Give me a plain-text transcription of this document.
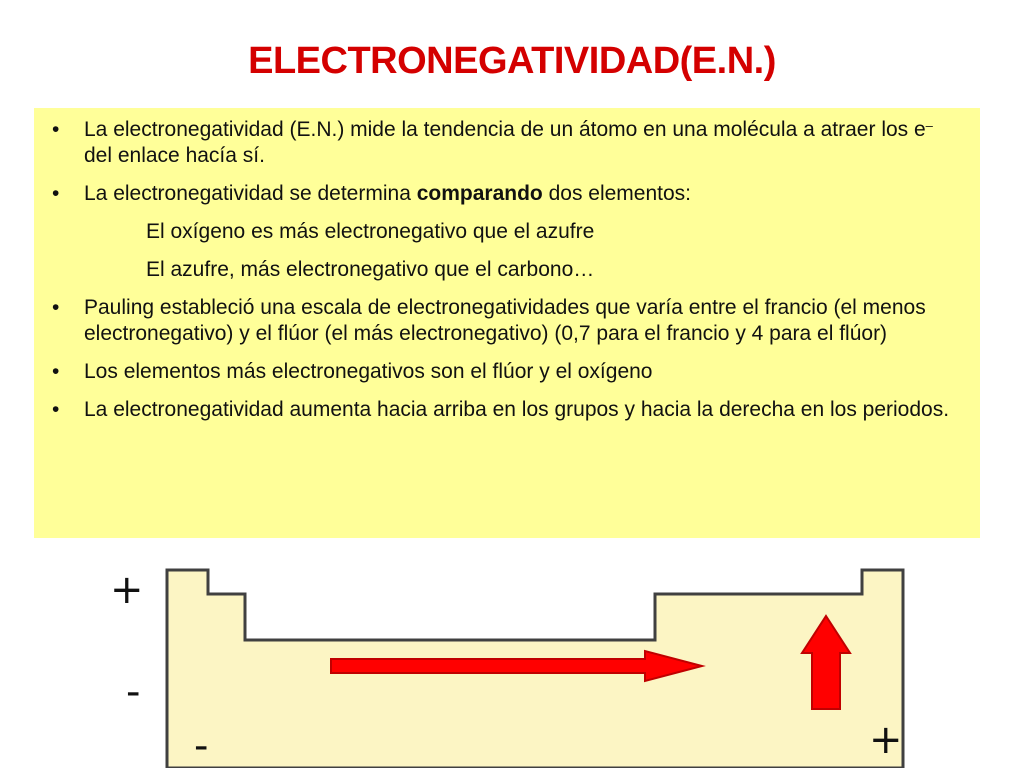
ELECTRONEGATIVIDAD(E.N.)
• La electronegatividad (E.N.) mide la tendencia de un átomo en una molécula a atraer los e– del enlace hacía sí.
• La electronegatividad se determina comparando dos elementos:
El oxígeno es más electronegativo que el azufre
El azufre, más electronegativo que el carbono…
• Pauling estableció una escala de electronegatividades que varía entre el francio (el menos electronegativo) y el flúor (el más electronegativo) (0,7 para el francio y 4 para el flúor)
• Los elementos más electronegativos son el flúor y el oxígeno
• La electronegatividad aumenta hacia arriba en los grupos y hacia la derecha en los periodos.
+
-
-	+
